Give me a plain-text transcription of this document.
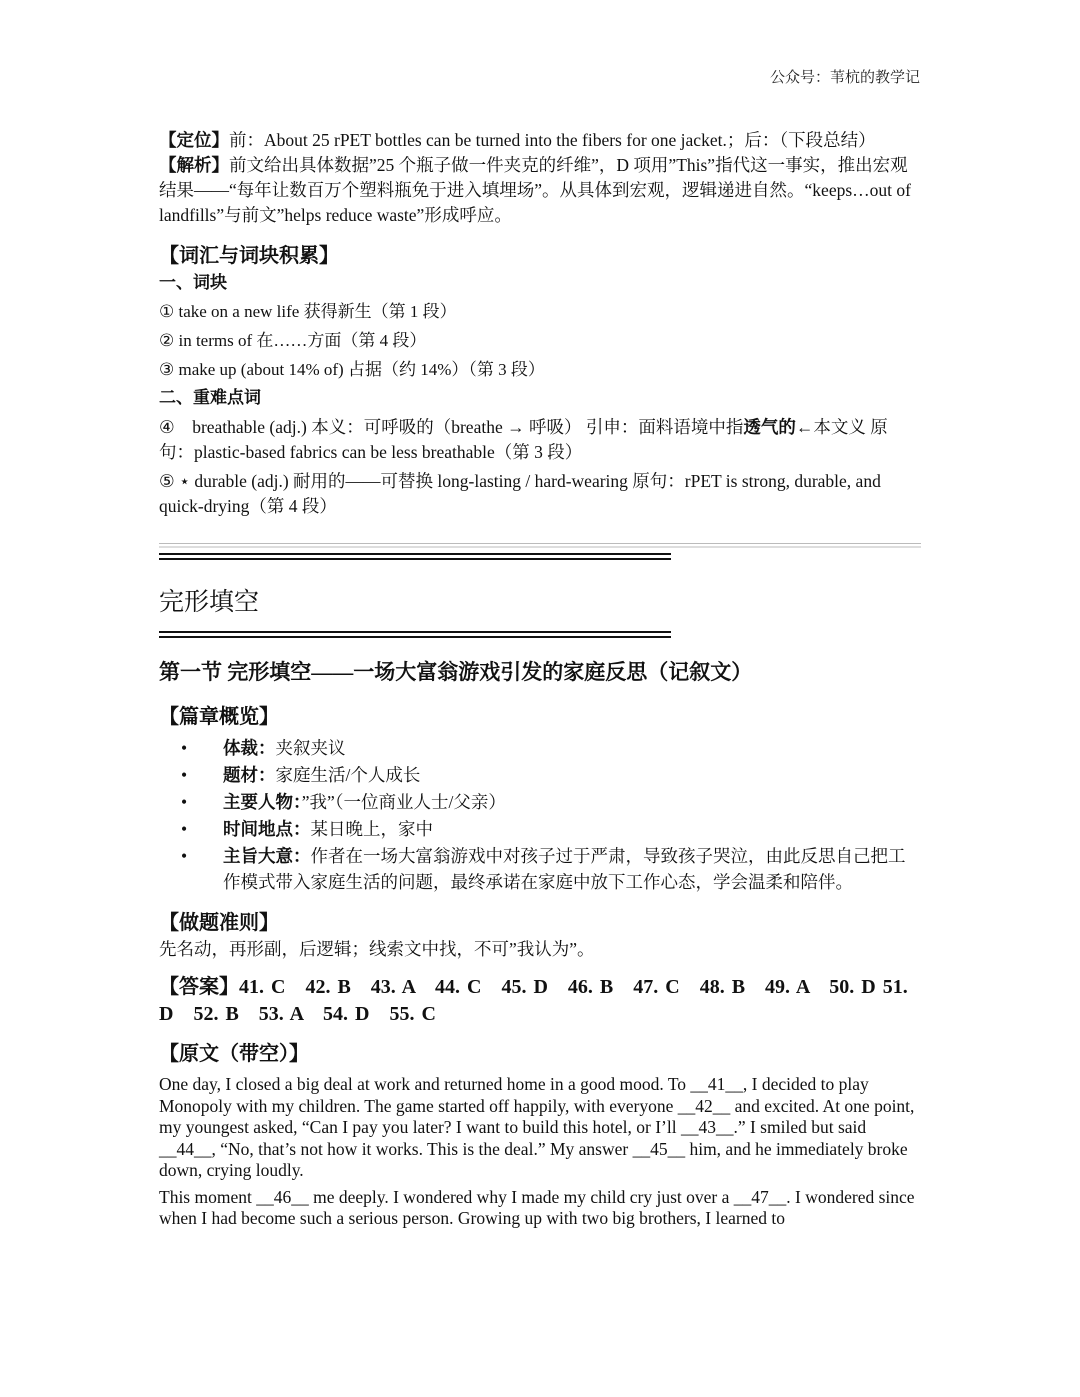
公众号：苇杭的教学记

【定位】前：About 25 rPET bottles can be turned into the fibers for one jacket.；后：（下段总结）

【解析】前文给出具体数据”25 个瓶子做一件夹克的纤维”，D 项用”This”指代这一事实，推出宏观结果——“每年让数百万个塑料瓶免于进入填埋场”。从具体到宏观，逻辑递进自然。“keeps…out of landfills”与前文”helps reduce waste”形成呼应。

【词汇与词块积累】

一、词块

① take on a new life 获得新生（第 1 段）

② in terms of 在……方面（第 4 段）

③ make up (about 14% of) 占据（约 14%）（第 3 段）

二、重难点词

④　breathable (adj.) 本义：可呼吸的（breathe → 呼吸） 引申：面料语境中指透气的←本文义 原句：plastic-based fabrics can be less breathable（第 3 段）

⑤ ⋆ durable (adj.) 耐用的——可替换 long-lasting / hard-wearing 原句：rPET is strong, durable, and quick-drying（第 4 段）

完形填空

第一节 完形填空——一场大富翁游戏引发的家庭反思（记叙文）

【篇章概览】

• 体裁：夹叙夹议
• 题材：家庭生活/个人成长
• 主要人物：”我”（一位商业人士/父亲）
• 时间地点：某日晚上，家中
• 主旨大意：作者在一场大富翁游戏中对孩子过于严肃，导致孩子哭泣，由此反思自己把工作模式带入家庭生活的问题，最终承诺在家庭中放下工作心态，学会温柔和陪伴。

【做题准则】

先名动，再形副，后逻辑；线索文中找，不可”我认为”。

【答案】41. C　42. B　43. A　44. C　45. D　46. B　47. C　48. B　49. A　50. D 51. D　52. B　53. A　54. D　55. C

【原文（带空）】

One day, I closed a big deal at work and returned home in a good mood. To __41__, I decided to play Monopoly with my children. The game started off happily, with everyone __42__ and excited. At one point, my youngest asked, “Can I pay you later? I want to build this hotel, or I’ll __43__.” I smiled but said __44__, “No, that’s not how it works. This is the deal.” My answer __45__ him, and he immediately broke down, crying loudly.

This moment __46__ me deeply. I wondered why I made my child cry just over a __47__. I wondered since when I had become such a serious person. Growing up with two big brothers, I learned to
